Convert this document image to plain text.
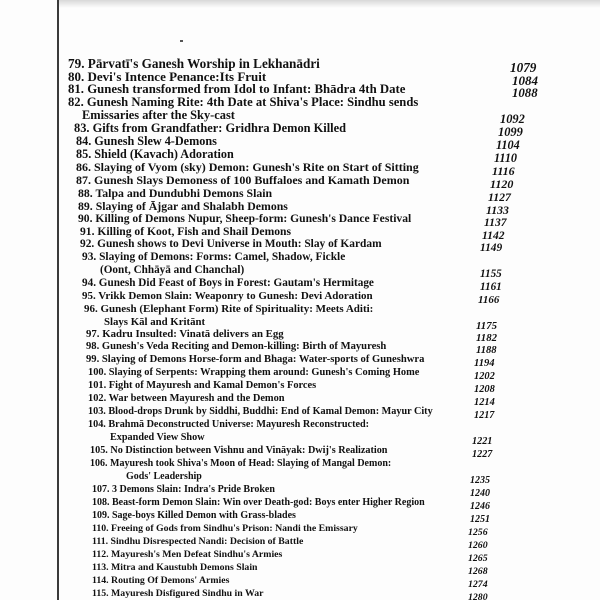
79. Pārvatī's Ganesh Worship in Lekhanādri	1079
80. Devi's Intence Penance:Its Fruit	1084
81. Gunesh transformed from Idol to Infant: Bhādra 4th Date	1088
82. Gunesh Naming Rite: 4th Date at Shiva's Place: Sindhu sends
Emissaries after the Sky-cast	1092
83. Gifts from Grandfather: Gridhra Demon Killed	1099
84. Gunesh Slew 4-Demons	1104
85. Shield (Kavach) Adoration	1110
86. Slaying of Vyom (sky) Demon: Gunesh's Rite on Start of Sitting	1116
87. Gunesh Slays Demoness of 100 Buffaloes and Kamath Demon	1120
88. Talpa and Dundubhi Demons Slain	1127
89. Slaying of Ājgar and Shalabh Demons	1133
90. Killing of Demons Nupur, Sheep-form: Gunesh's Dance Festival	1137
91. Killing of Koot, Fish and Shail Demons	1142
92. Gunesh shows to Devi Universe in Mouth: Slay of Kardam	1149
93. Slaying of Demons: Forms: Camel, Shadow, Fickle
(Oont, Chhāyā and Chanchal)	1155
94. Gunesh Did Feast of Boys in Forest: Gautam's Hermitage	1161
95. Vrikk Demon Slain: Weaponry to Gunesh: Devi Adoration	1166
96. Gunesh (Elephant Form) Rite of Spirituality: Meets Aditi:
Slays Kāl and Kritānt	1175
97. Kadru Insulted: Vinatā delivers an Egg	1182
98. Gunesh's Veda Reciting and Demon-killing: Birth of Mayuresh	1188
99. Slaying of Demons Horse-form and Bhaga: Water-sports of Guneshwra	1194
100. Slaying of Serpents: Wrapping them around: Gunesh's Coming Home	1202
101. Fight of Mayuresh and Kamal Demon's Forces	1208
102. War between Mayuresh and the Demon	1214
103. Blood-drops Drunk by Siddhi, Buddhi: End of Kamal Demon: Mayur City	1217
104. Brahmā Deconstructed Universe: Mayuresh Reconstructed:
Expanded View Show	1221
105. No Distinction between Vishnu and Vināyak: Dwij's Realization	1227
106. Mayuresh took Shiva's Moon of Head: Slaying of Mangal Demon:
Gods' Leadership	1235
107. 3 Demons Slain: Indra's Pride Broken	1240
108. Beast-form Demon Slain: Win over Death-god: Boys enter Higher Region	1246
109. Sage-boys Killed Demon with Grass-blades	1251
110. Freeing of Gods from Sindhu's Prison: Nandi the Emissary	1256
111. Sindhu Disrespected Nandi: Decision of Battle	1260
112. Mayuresh's Men Defeat Sindhu's Armies	1265
113. Mitra and Kaustubh Demons Slain	1268
114. Routing Of Demons' Armies	1274
115. Mayuresh Disfigured Sindhu in War	1280
